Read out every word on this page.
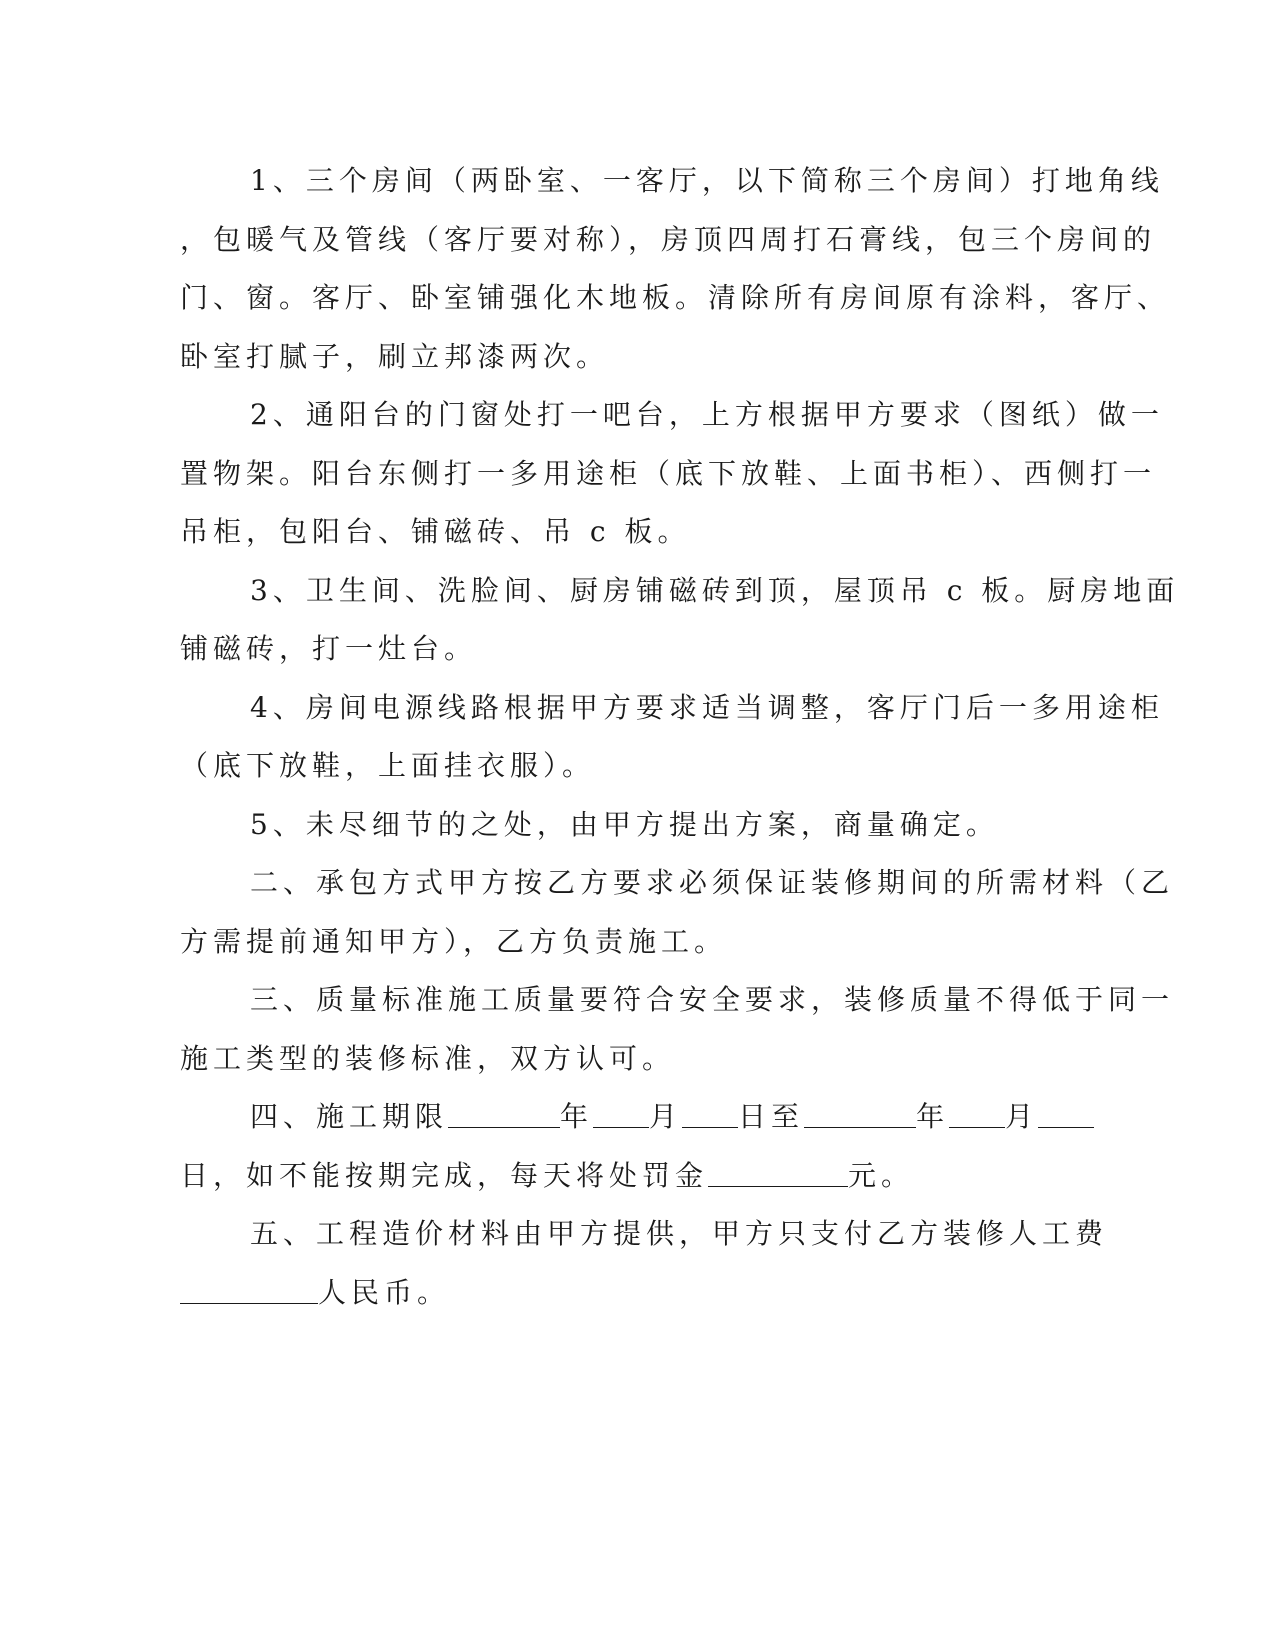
1、三个房间（两卧室、一客厅，以下简称三个房间）打地角线
，包暖气及管线（客厅要对称），房顶四周打石膏线，包三个房间的
门、窗。客厅、卧室铺强化木地板。清除所有房间原有涂料，客厅、
卧室打腻子，刷立邦漆两次。
2、通阳台的门窗处打一吧台，上方根据甲方要求（图纸）做一
置物架。阳台东侧打一多用途柜（底下放鞋、上面书柜）、西侧打一
吊柜，包阳台、铺磁砖、吊 c 板。
3、卫生间、洗脸间、厨房铺磁砖到顶，屋顶吊 c 板。厨房地面
铺磁砖，打一灶台。
4、房间电源线路根据甲方要求适当调整，客厅门后一多用途柜
（底下放鞋，上面挂衣服）。
5、未尽细节的之处，由甲方提出方案，商量确定。
二、承包方式甲方按乙方要求必须保证装修期间的所需材料（乙
方需提前通知甲方），乙方负责施工。
三、质量标准施工质量要符合安全要求，装修质量不得低于同一
施工类型的装修标准，双方认可。
四、施工期限	年 月 日至	年 月
日，如不能按期完成，每天将处罚金	元。
五、工程造价材料由甲方提供，甲方只支付乙方装修人工费
人民币。
